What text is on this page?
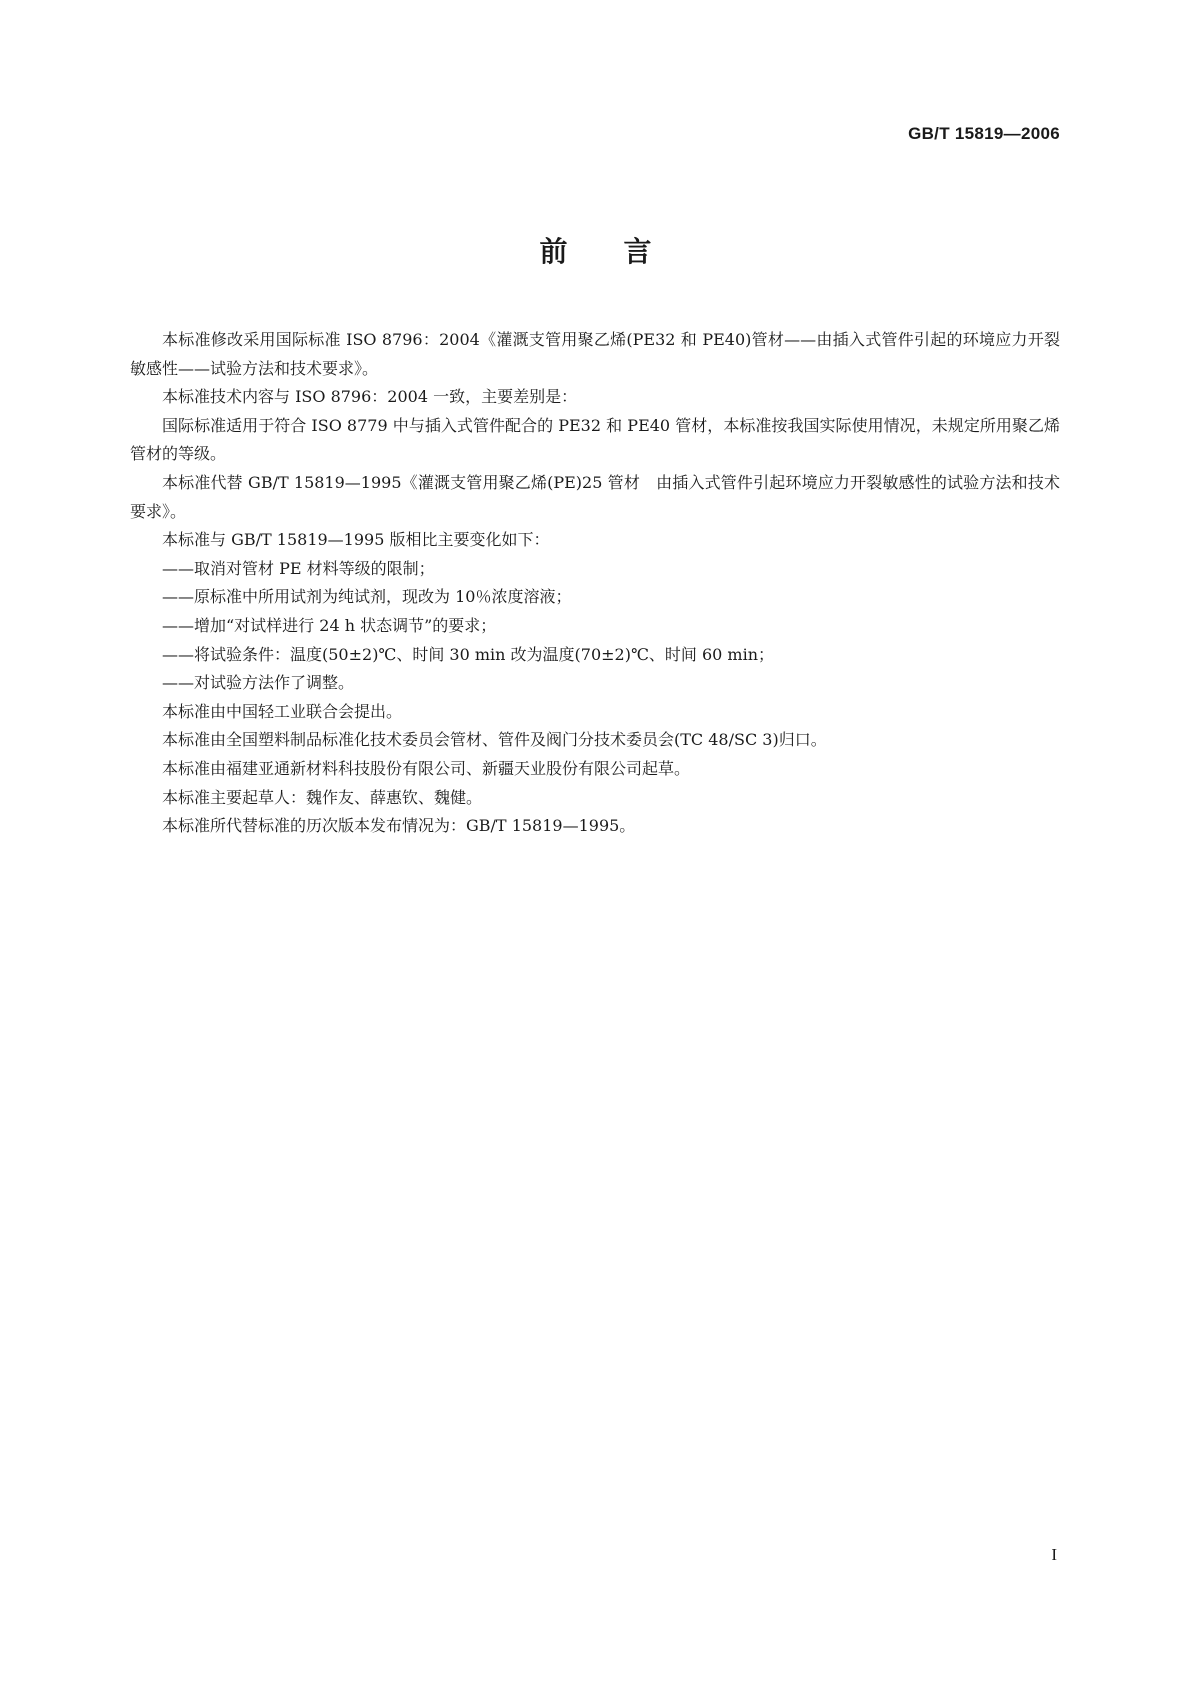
GB/T 15819—2006
前言

本标准修改采用国际标准 ISO 8796：2004《灌溉支管用聚乙烯(PE32 和 PE40)管材——由插入式管件引起的环境应力开裂敏感性——试验方法和技术要求》。

本标准技术内容与 ISO 8796：2004 一致，主要差别是：

国际标准适用于符合 ISO 8779 中与插入式管件配合的 PE32 和 PE40 管材，本标准按我国实际使用情况，未规定所用聚乙烯管材的等级。

本标准代替 GB/T 15819—1995《灌溉支管用聚乙烯(PE)25 管材　由插入式管件引起环境应力开裂敏感性的试验方法和技术要求》。

本标准与 GB/T 15819—1995 版相比主要变化如下：

——取消对管材 PE 材料等级的限制；

——原标准中所用试剂为纯试剂，现改为 10％浓度溶液；

——增加“对试样进行 24 h 状态调节”的要求；

——将试验条件：温度(50±2)℃、时间 30 min 改为温度(70±2)℃、时间 60 min；

——对试验方法作了调整。

本标准由中国轻工业联合会提出。

本标准由全国塑料制品标准化技术委员会管材、管件及阀门分技术委员会(TC 48/SC 3)归口。

本标准由福建亚通新材料科技股份有限公司、新疆天业股份有限公司起草。

本标准主要起草人：魏作友、薛惠钦、魏健。

本标准所代替标准的历次版本发布情况为：GB/T 15819—1995。

I
